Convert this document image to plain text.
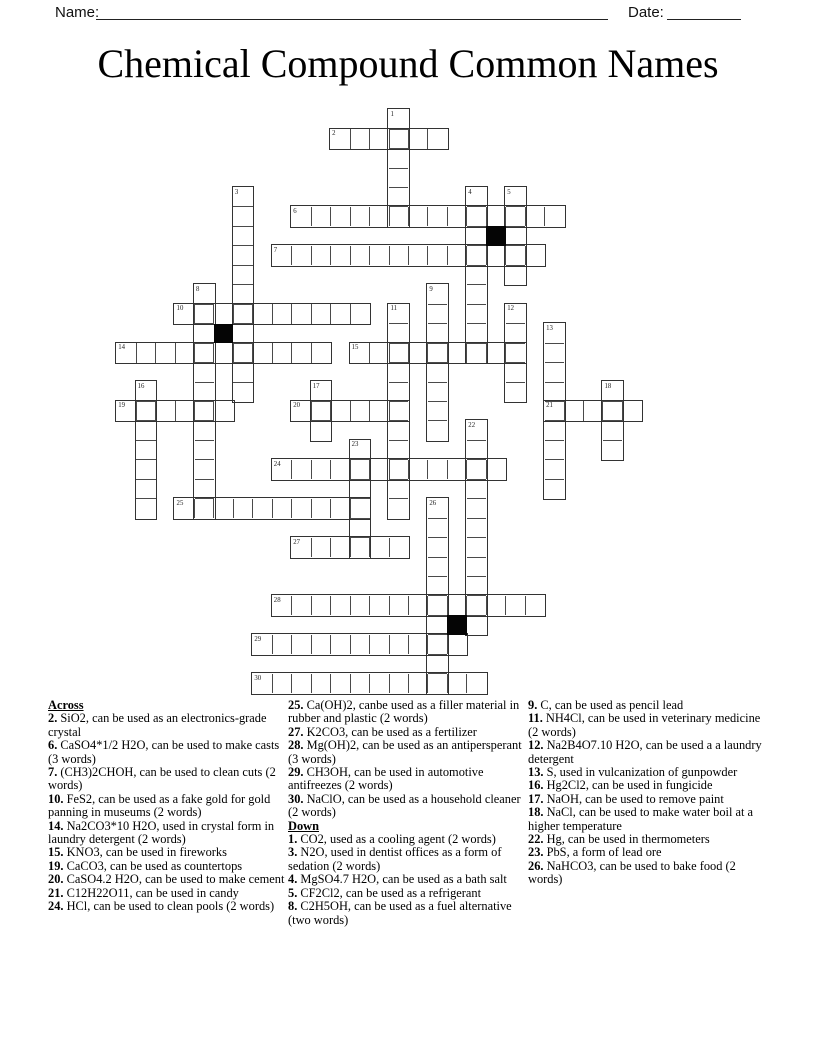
Name:	Date:
Chemical Compound Common Names
1
2
3	4	5
6
7
8	9
10	11	12
13
14	15
16	17	18
19	20	21
22
23
24
25	26
27
28
29
30
Across
2. SiO2, can be used as an electronics-grade crystal
6. CaSO4*1/2 H2O, can be used to make casts (3 words)
7. (CH3)2CHOH, can be used to clean cuts (2 words)
10. FeS2, can be used as a fake gold for gold panning in museums (2 words)
14. Na2CO3*10 H2O, used in crystal form in laundry detergent (2 words)
15. KNO3, can be used in fireworks
19. CaCO3, can be used as countertops
20. CaSO4.2 H2O, can be used to make cement
21. C12H22O11, can be used in candy
24. HCl, can be used to clean pools (2 words)
25. Ca(OH)2, canbe used as a filler material in rubber and plastic (2 words)
27. K2CO3, can be used as a fertilizer
28. Mg(OH)2, can be used as an antipersperant (3 words)
29. CH3OH, can be used in automotive antifreezes (2 words)
30. NaClO, can be used as a household cleaner (2 words)
Down
1. CO2, used as a cooling agent (2 words)
3. N2O, used in dentist offices as a form of sedation (2 words)
4. MgSO4.7 H2O, can be used as a bath salt
5. CF2Cl2, can be used as a refrigerant
8. C2H5OH, can be used as a fuel alternative (two words)
9. C, can be used as pencil lead
11. NH4Cl, can be used in veterinary medicine (2 words)
12. Na2B4O7.10 H2O, can be used a a laundry detergent
13. S, used in vulcanization of gunpowder
16. Hg2Cl2, can be used in fungicide
17. NaOH, can be used to remove paint
18. NaCl, can be used to make water boil at a higher temperature
22. Hg, can be used in thermometers
23. PbS, a form of lead ore
26. NaHCO3, can be used to bake food (2 words)
